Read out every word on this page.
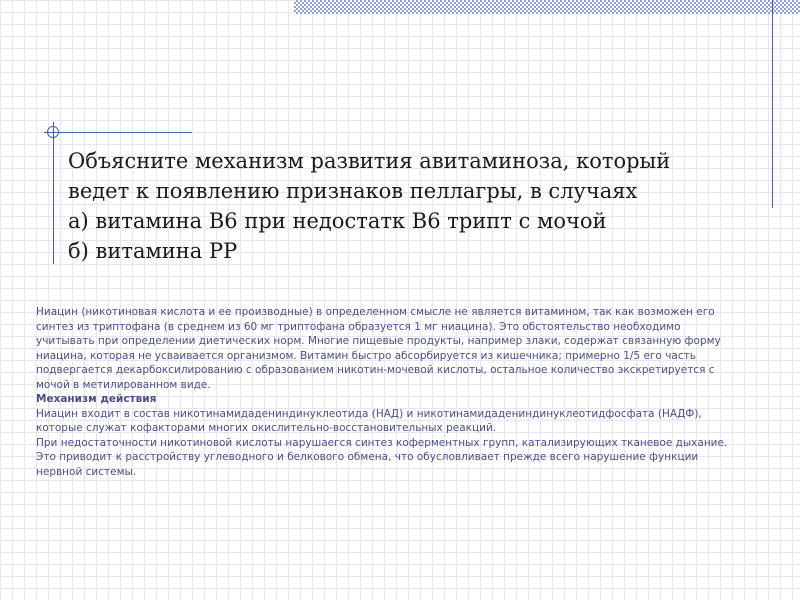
Объясните механизм развития авитаминоза, который
ведет к появлению признаков пеллагры, в случаях
а) витамина В6 при недостатк В6 трипт с мочой
б) витамина РР
Ниацин (никотиновая кислота и ее производные) в определенном смысле не является витамином, так как возможен его
синтез из триптофана (в среднем из 60 мг триптофана образуется 1 мг ниацина). Это обстоятельство необходимо
учитывать при определении диетических норм. Многие пищевые продукты, например злаки, содержат связанную форму
ниацина, которая не усваивается организмом. Витамин быстро абсорбируется из кишечника; примерно 1/5 его часть
подвергается декарбоксилированию с образованием никотин-мочевой кислоты, остальное количество экскретируется с
мочой в метилированном виде.
Механизм действия
Ниацин входит в состав никотинамидадениндинуклеотида (НАД) и никотинамидадениндинуклеотидфосфата (НАДФ),
которые служат кофакторами многих окислительно-восстановительных реакций.
При недостаточности никотиновой кислоты нарушаегся синтез коферментных групп, катализирующих тканевое дыхание.
Это приводит к расстройству углеводного и белкового обмена, что обусловливает прежде всего нарушение функции
нервной системы.
